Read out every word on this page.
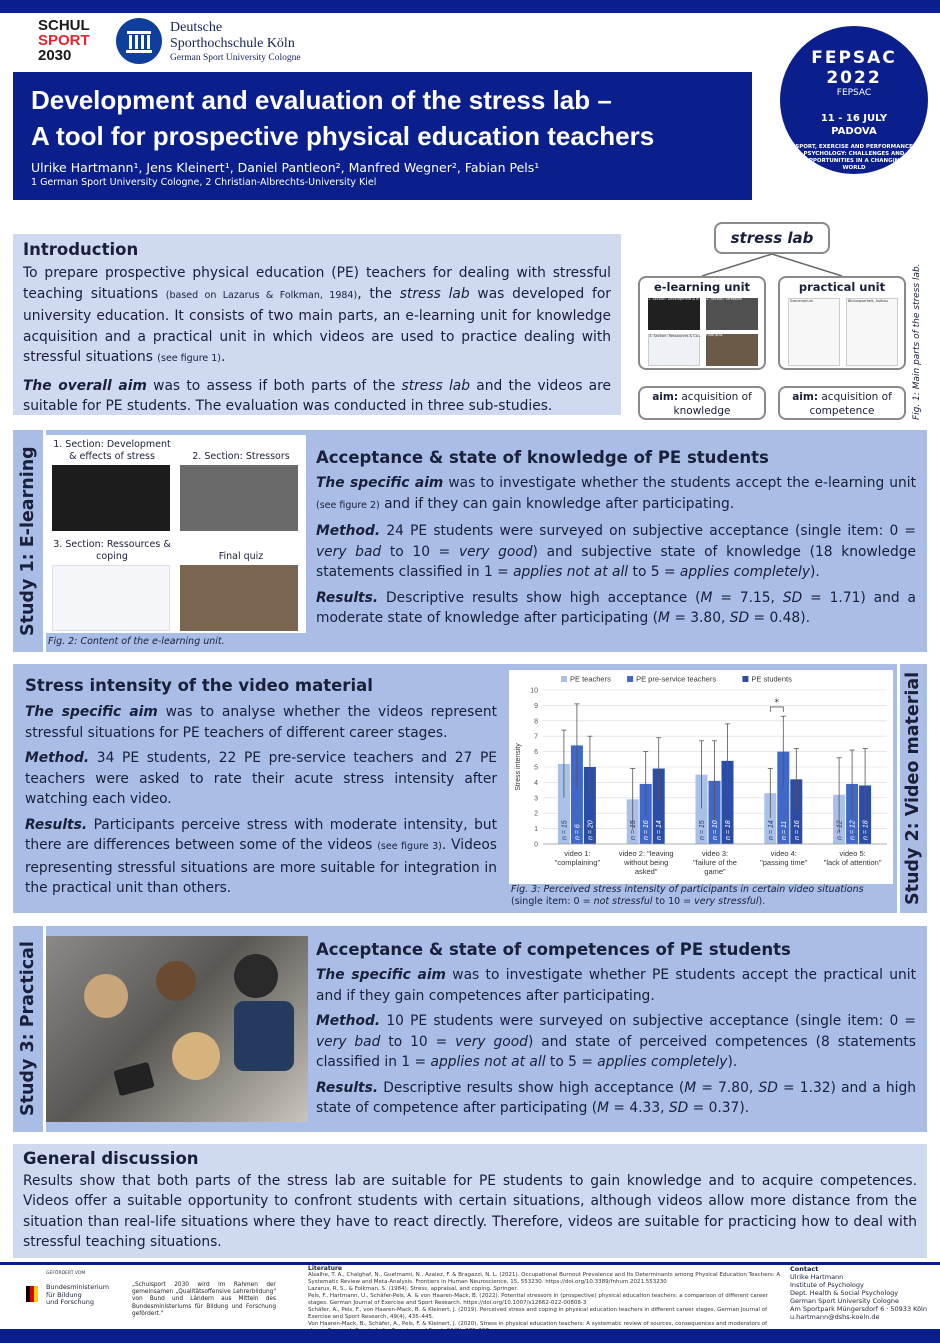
SCHUL
SPORT
2030
Deutsche
Sporthochschule Köln
German Sport University Cologne
Development and evaluation of the stress lab –
A tool for prospective physical education teachers
Ulrike Hartmann¹, Jens Kleinert¹, Daniel Pantleon², Manfred Wegner², Fabian Pels¹
1 German Sport University Cologne, 2 Christian-Albrechts-University Kiel
FEPSAC 2022
FEPSAC
11 - 16 JULY
PADOVA
SPORT, EXERCISE AND PERFORMANCE PSYCHOLOGY: CHALLENGES AND OPPORTUNITIES IN A CHANGING WORLD
Introduction

To prepare prospective physical education (PE) teachers for dealing with stressful teaching situations (based on Lazarus & Folkman, 1984), the stress lab was developed for university education. It consists of two main parts, an e-learning unit for knowledge acquisition and a practical unit in which videos are used to practice dealing with stressful situations (see figure 1).

The overall aim was to assess if both parts of the stress lab and the videos are suitable for PE students. The evaluation was conducted in three sub-studies.

stress lab
e-learning unit
1. Section: Development & e... 2. Section: Stressors
3. Section: Ressources & Co... Final quiz
practical unit
Szenenarium	Bildungsarbeit, Aufbau
aim: acquisition of knowledge
aim: acquisition of competence	Fig. 1: Main parts of the stress lab.
Study 1: E-learning
1. Section: Development & effects of stress	2. Section: Stressors
3. Section: Ressources & coping	Final quiz
Fig. 2: Content of the e-learning unit.
Acceptance & state of knowledge of PE students

The specific aim was to investigate whether the students accept the e-learning unit (see figure 2) and if they can gain knowledge after participating.

Method. 24 PE students were surveyed on subjective acceptance (single item: 0 = very bad to 10 = very good) and subjective state of knowledge (18 knowledge statements classified in 1 = applies not at all to 5 = applies completely).

Results. Descriptive results show high acceptance (M = 7.15, SD = 1.71) and a moderate state of knowledge after participating (M = 3.80, SD = 0.48).

Stress intensity of the video material

The specific aim was to analyse whether the videos represent stressful situations for PE teachers of different career stages.

Method. 34 PE students, 22 PE pre-service teachers and 27 PE teachers were asked to rate their acute stress intensity after watching each video.

Results. Participants perceive stress with moderate intensity, but there are differences between some of the videos (see figure 3). Videos representing stressful situations are more suitable for integration in the practical unit than others.

0
1
2
3
4
5
6
7
8
9
10
Stress intensity
PE teachers	PE pre-service teachers	PE students
n = 15 n = 6 n = 20
video 1:
"complaining"
n = 15 n = 16 n = 14
video 2: "leaving
without being
asked"
n = 15 n = 10 n = 18
video 3:
"failure of the
game"
n = 14 n = 11 n = 16
video 4:
"passing time"
n = 12 n = 12 n = 18
video 5:
"lack of attention"
*
Fig. 3: Perceived stress intensity of participants in certain video situations (single item: 0 = not stressful to 10 = very stressful).	Study 2: Video material
Study 3: Practical	Acceptance & state of competences of PE students

The specific aim was to investigate whether PE students accept the practical unit and if they gain competences after participating.

Method. 10 PE students were surveyed on subjective acceptance (single item: 0 = very bad to 10 = very good) and state of perceived competences (8 statements classified in 1 = applies not at all to 5 = applies completely).

Results. Descriptive results show high acceptance (M = 7.80, SD = 1.32) and a high state of competence after participating (M = 4.33, SD = 0.37).

General discussion

Results show that both parts of the stress lab are suitable for PE students to gain knowledge and to acquire competences. Videos offer a suitable opportunity to confront students with certain situations, although videos allow more distance from the situation than real-life situations where they have to react directly. Therefore, videos are suitable for practicing how to deal with stressful teaching situations.

GEFÖRDERT VOM
Bundesministerium
für Bildung
und Forschung
„Schulsport 2030 wird im Rahmen der gemeinsamen „Qualitätsoffensive Lehrerbildung" von Bund und Ländern aus Mitteln des Bundesministeriums für Bildung und Forschung gefördert."
Literature
Alsalhe, T. A., Chalghaf, N., Guelmami, N., Azaiez, F. & Bragazzi, N. L. (2021). Occupational Burnout Prevalence and Its Determinants among Physical Education Teachers: A Systematic Review and Meta-Analysis. Frontiers in Human Neuroscience, 15, 553230. https://doi.org/10.3389/fnhum.2021.553230
Lazarus, R. S., & Folkman, S. (1984). Stress, appraisal, and coping. Springer.
Pels, F., Hartmann, U., Schäfer-Pels, A. & von Haaren-Mack, B. (2022). Potential stressors in (prospective) physical education teachers: a comparison of different career stages. German Journal of Exercise and Sport Research. https://doi.org/10.1007/s12662-022-00808-3
Schäfer, A., Pels, F., von Haaren-Mack, B. & Kleinert, J. (2019). Perceived stress and coping in physical education teachers in different career stages. German Journal of Exercise and Sport Research, 49(4), 435–445.
Von Haaren-Mack, B., Schäfer, A., Pels, F. & Kleinert, J. (2020). Stress in physical education teachers: A systematic review of sources, consequences and moderators of
Contact
Ulrike Hartmann
Institute of Psychology
Dept. Health & Social Psychology
German Sport University Cologne
Am Sportpark Müngersdorf 6 · 50933 Köln
u.hartmann@dshs-koeln.de
